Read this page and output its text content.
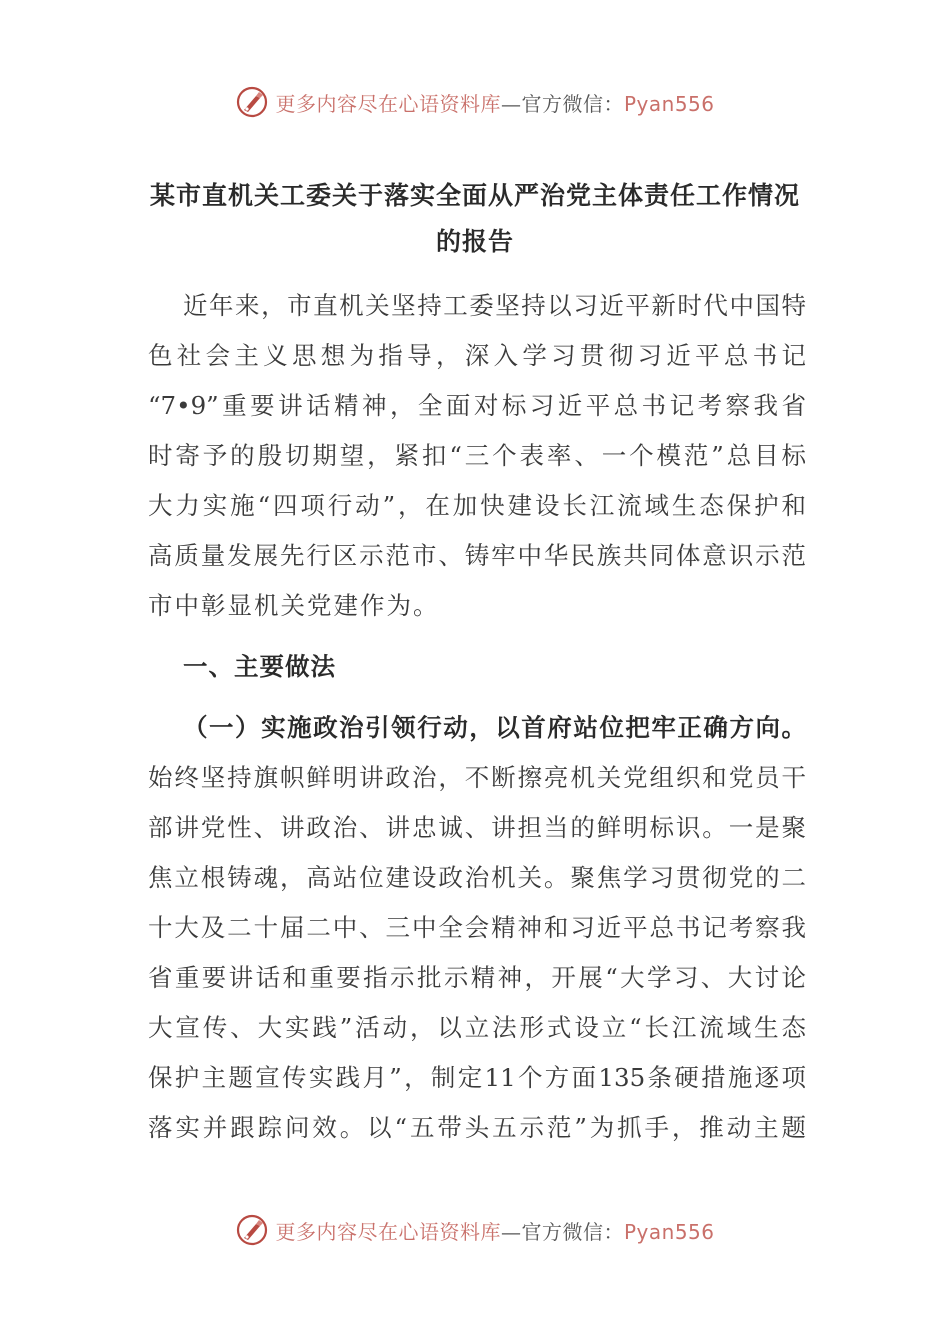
更多内容尽在心语资料库—官方微信：Pyan556
某市直机关工委关于落实全面从严治党主体责任工作情况
的报告
近年来，市直机关坚持工委坚持以习近平新时代中国特
色社会主义思想为指导，深入学习贯彻习近平总书记
“7•9”重要讲话精神，全面对标习近平总书记考察我省
时寄予的殷切期望，紧扣“三个表率、一个模范”总目标
大力实施“四项行动”，在加快建设长江流域生态保护和
高质量发展先行区示范市、铸牢中华民族共同体意识示范
市中彰显机关党建作为。
一、主要做法
（一）实施政治引领行动，以首府站位把牢正确方向。
始终坚持旗帜鲜明讲政治，不断擦亮机关党组织和党员干
部讲党性、讲政治、讲忠诚、讲担当的鲜明标识。一是聚
焦立根铸魂，高站位建设政治机关。聚焦学习贯彻党的二
十大及二十届二中、三中全会精神和习近平总书记考察我
省重要讲话和重要指示批示精神，开展“大学习、大讨论
大宣传、大实践”活动，以立法形式设立“长江流域生态
保护主题宣传实践月”，制定11个方面135条硬措施逐项
落实并跟踪问效。以“五带头五示范”为抓手，推动主题
更多内容尽在心语资料库—官方微信：Pyan556
